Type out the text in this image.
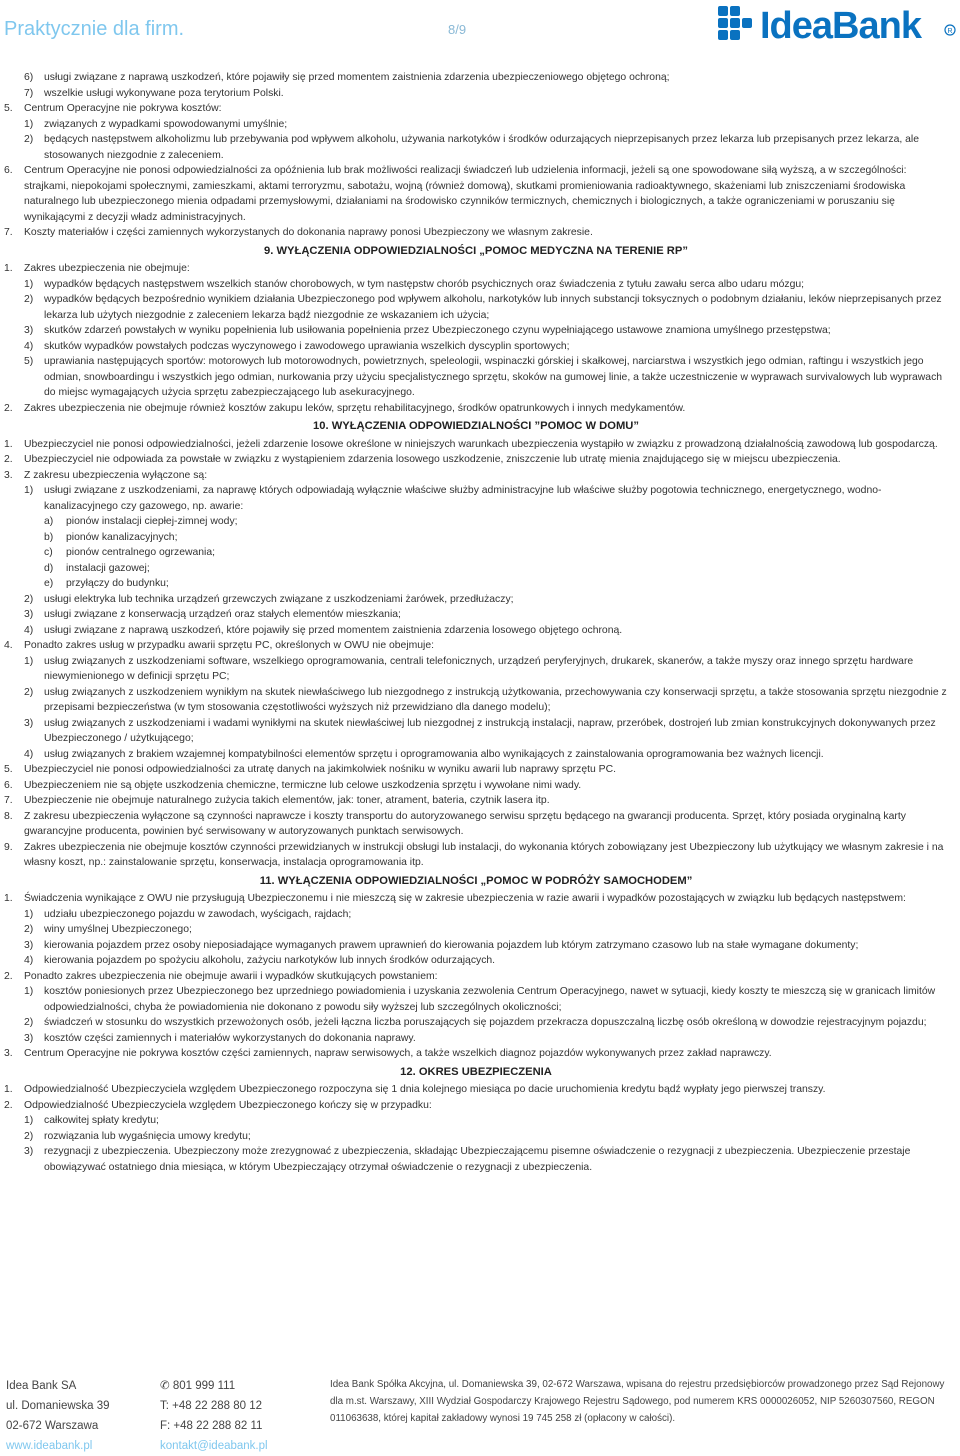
Praktycznie dla firm.	8/9	IdeaBank	R
6)	usługi związane z naprawą uszkodzeń, które pojawiły się przed momentem zaistnienia zdarzenia ubezpieczeniowego objętego ochroną;
7)	wszelkie usługi wykonywane poza terytorium Polski.
5.	Centrum Operacyjne nie pokrywa kosztów:
1)	związanych z wypadkami spowodowanymi umyślnie;
2)	będących następstwem alkoholizmu lub przebywania pod wpływem alkoholu, używania narkotyków i środków odurzających nieprzepisanych przez lekarza lub przepisanych przez lekarza, ale stosowanych niezgodnie z zaleceniem.
6.	Centrum Operacyjne nie ponosi odpowiedzialności za opóźnienia lub brak możliwości realizacji świadczeń lub udzielenia informacji, jeżeli są one spowodowane siłą wyższą, a w szczególności: strajkami, niepokojami społecznymi, zamieszkami, aktami terroryzmu, sabotażu, wojną (również domową), skutkami promieniowania radioaktywnego, skażeniami lub zniszczeniami środowiska naturalnego lub ubezpieczonego mienia odpadami przemysłowymi, działaniami na środowisko czynników termicznych, chemicznych i biologicznych, a także ograniczeniami w poruszaniu się wynikającymi z decyzji władz administracyjnych.
7.	Koszty materiałów i części zamiennych wykorzystanych do dokonania naprawy ponosi Ubezpieczony we własnym zakresie.
9. WYŁĄCZENIA ODPOWIEDZIALNOŚCI „POMOC MEDYCZNA NA TERENIE RP”
1.	Zakres ubezpieczenia nie obejmuje:
1)	wypadków będących następstwem wszelkich stanów chorobowych, w tym następstw chorób psychicznych oraz świadczenia z tytułu zawału serca albo udaru mózgu;
2)	wypadków będących bezpośrednio wynikiem działania Ubezpieczonego pod wpływem alkoholu, narkotyków lub innych substancji toksycznych o podobnym działaniu, leków nieprzepisanych przez lekarza lub użytych niezgodnie z zaleceniem lekarza bądź niezgodnie ze wskazaniem ich użycia;
3)	skutków zdarzeń powstałych w wyniku popełnienia lub usiłowania popełnienia przez Ubezpieczonego czynu wypełniającego ustawowe znamiona umyślnego przestępstwa;
4)	skutków wypadków powstałych podczas wyczynowego i zawodowego uprawiania wszelkich dyscyplin sportowych;
5)	uprawiania następujących sportów: motorowych lub motorowodnych, powietrznych, speleologii, wspinaczki górskiej i skałkowej, narciarstwa i wszystkich jego odmian, raftingu i wszystkich jego odmian, snowboardingu i wszystkich jego odmian, nurkowania przy użyciu specjalistycznego sprzętu, skoków na gumowej linie, a także uczestniczenie w wyprawach survivalowych lub wyprawach do miejsc wymagających użycia sprzętu zabezpieczającego lub asekuracyjnego.
2.	Zakres ubezpieczenia nie obejmuje również kosztów zakupu leków, sprzętu rehabilitacyjnego, środków opatrunkowych i innych medykamentów.
10. WYŁĄCZENIA ODPOWIEDZIALNOŚCI ”POMOC W DOMU”
1.	Ubezpieczyciel nie ponosi odpowiedzialności, jeżeli zdarzenie losowe określone w niniejszych warunkach ubezpieczenia wystąpiło w związku z prowadzoną działalnością zawodową lub gospodarczą.
2.	Ubezpieczyciel nie odpowiada za powstałe w związku z wystąpieniem zdarzenia losowego uszkodzenie, zniszczenie lub utratę mienia znajdującego się w miejscu ubezpieczenia.
3.	Z zakresu ubezpieczenia wyłączone są:
1)	usługi związane z uszkodzeniami, za naprawę których odpowiadają wyłącznie właściwe służby administracyjne lub właściwe służby pogotowia technicznego, energetycznego, wodno-kanalizacyjnego czy gazowego, np. awarie:
a)	pionów instalacji ciepłej-zimnej wody;
b)	pionów kanalizacyjnych;
c)	pionów centralnego ogrzewania;
d)	instalacji gazowej;
e)	przyłączy do budynku;
2)	usługi elektryka lub technika urządzeń grzewczych związane z uszkodzeniami żarówek, przedłużaczy;
3)	usługi związane z konserwacją urządzeń oraz stałych elementów mieszkania;
4)	usługi związane z naprawą uszkodzeń, które pojawiły się przed momentem zaistnienia zdarzenia losowego objętego ochroną.
4.	Ponadto zakres usług w przypadku awarii sprzętu PC, określonych w OWU nie obejmuje:
1)	usług związanych z uszkodzeniami software, wszelkiego oprogramowania, centrali telefonicznych, urządzeń peryferyjnych, drukarek, skanerów, a także myszy oraz innego sprzętu hardware niewymienionego w definicji sprzętu PC;
2)	usług związanych z uszkodzeniem wynikłym na skutek niewłaściwego lub niezgodnego z instrukcją użytkowania, przechowywania czy konserwacji sprzętu, a także stosowania sprzętu niezgodnie z przepisami bezpieczeństwa (w tym stosowania częstotliwości wyższych niż przewidziano dla danego modelu);
3)	usług związanych z uszkodzeniami i wadami wynikłymi na skutek niewłaściwej lub niezgodnej z instrukcją instalacji, napraw, przeróbek, dostrojeń lub zmian konstrukcyjnych dokonywanych przez Ubezpieczonego / użytkującego;
4)	usług związanych z brakiem wzajemnej kompatybilności elementów sprzętu i oprogramowania albo wynikających z zainstalowania oprogramowania bez ważnych licencji.
5.	Ubezpieczyciel nie ponosi odpowiedzialności za utratę danych na jakimkolwiek nośniku w wyniku awarii lub naprawy sprzętu PC.
6.	Ubezpieczeniem nie są objęte uszkodzenia chemiczne, termiczne lub celowe uszkodzenia sprzętu i wywołane nimi wady.
7.	Ubezpieczenie nie obejmuje naturalnego zużycia takich elementów, jak: toner, atrament, bateria, czytnik lasera itp.
8.	Z zakresu ubezpieczenia wyłączone są czynności naprawcze i koszty transportu do autoryzowanego serwisu sprzętu będącego na gwarancji producenta. Sprzęt, który posiada oryginalną karty gwarancyjne producenta, powinien być serwisowany w autoryzowanych punktach serwisowych.
9.	Zakres ubezpieczenia nie obejmuje kosztów czynności przewidzianych w instrukcji obsługi lub instalacji, do wykonania których zobowiązany jest Ubezpieczony lub użytkujący we własnym zakresie i na własny koszt, np.: zainstalowanie sprzętu, konserwacja, instalacja oprogramowania itp.
11. WYŁĄCZENIA ODPOWIEDZIALNOŚCI „POMOC W PODRÓŻY SAMOCHODEM”
1.	Świadczenia wynikające z OWU nie przysługują Ubezpieczonemu i nie mieszczą się w zakresie ubezpieczenia w razie awarii i wypadków pozostających w związku lub będących następstwem:
1)	udziału ubezpieczonego pojazdu w zawodach, wyścigach, rajdach;
2)	winy umyślnej Ubezpieczonego;
3)	kierowania pojazdem przez osoby nieposiadające wymaganych prawem uprawnień do kierowania pojazdem lub którym zatrzymano czasowo lub na stałe wymagane dokumenty;
4)	kierowania pojazdem po spożyciu alkoholu, zażyciu narkotyków lub innych środków odurzających.
2.	Ponadto zakres ubezpieczenia nie obejmuje awarii i wypadków skutkujących powstaniem:
1)	kosztów poniesionych przez Ubezpieczonego bez uprzedniego powiadomienia i uzyskania zezwolenia Centrum Operacyjnego, nawet w sytuacji, kiedy koszty te mieszczą się w granicach limitów odpowiedzialności, chyba że powiadomienia nie dokonano z powodu siły wyższej lub szczególnych okoliczności;
2)	świadczeń w stosunku do wszystkich przewożonych osób, jeżeli łączna liczba poruszających się pojazdem przekracza dopuszczalną liczbę osób określoną w dowodzie rejestracyjnym pojazdu;
3)	kosztów części zamiennych i materiałów wykorzystanych do dokonania naprawy.
3.	Centrum Operacyjne nie pokrywa kosztów części zamiennych, napraw serwisowych, a także wszelkich diagnoz pojazdów wykonywanych przez zakład naprawczy.
12. OKRES UBEZPIECZENIA
1.	Odpowiedzialność Ubezpieczyciela względem Ubezpieczonego rozpoczyna się 1 dnia kolejnego miesiąca po dacie uruchomienia kredytu bądź wypłaty jego pierwszej transzy.
2.	Odpowiedzialność Ubezpieczyciela względem Ubezpieczonego kończy się w przypadku:
1)	całkowitej spłaty kredytu;
2)	rozwiązania lub wygaśnięcia umowy kredytu;
3)	rezygnacji z ubezpieczenia. Ubezpieczony może zrezygnować z ubezpieczenia, składając Ubezpieczającemu pisemne oświadczenie o rezygnacji z ubezpieczenia. Ubezpieczenie przestaje obowiązywać ostatniego dnia miesiąca, w którym Ubezpieczający otrzymał oświadczenie o rezygnacji z ubezpieczenia.
Idea Bank SA
ul. Domaniewska 39
02-672 Warszawa
www.ideabank.pl
✆ 801 999 111
T: +48 22 288 80 12
F: +48 22 288 82 11
kontakt@ideabank.pl
Idea Bank Spółka Akcyjna, ul. Domaniewska 39, 02-672 Warszawa, wpisana do rejestru przedsiębiorców prowadzonego przez Sąd Rejonowy dla m.st. Warszawy, XIII Wydział Gospodarczy Krajowego Rejestru Sądowego, pod numerem KRS 0000026052, NIP 5260307560, REGON 011063638, której kapitał zakładowy wynosi 19 745 258 zł (opłacony w całości).
